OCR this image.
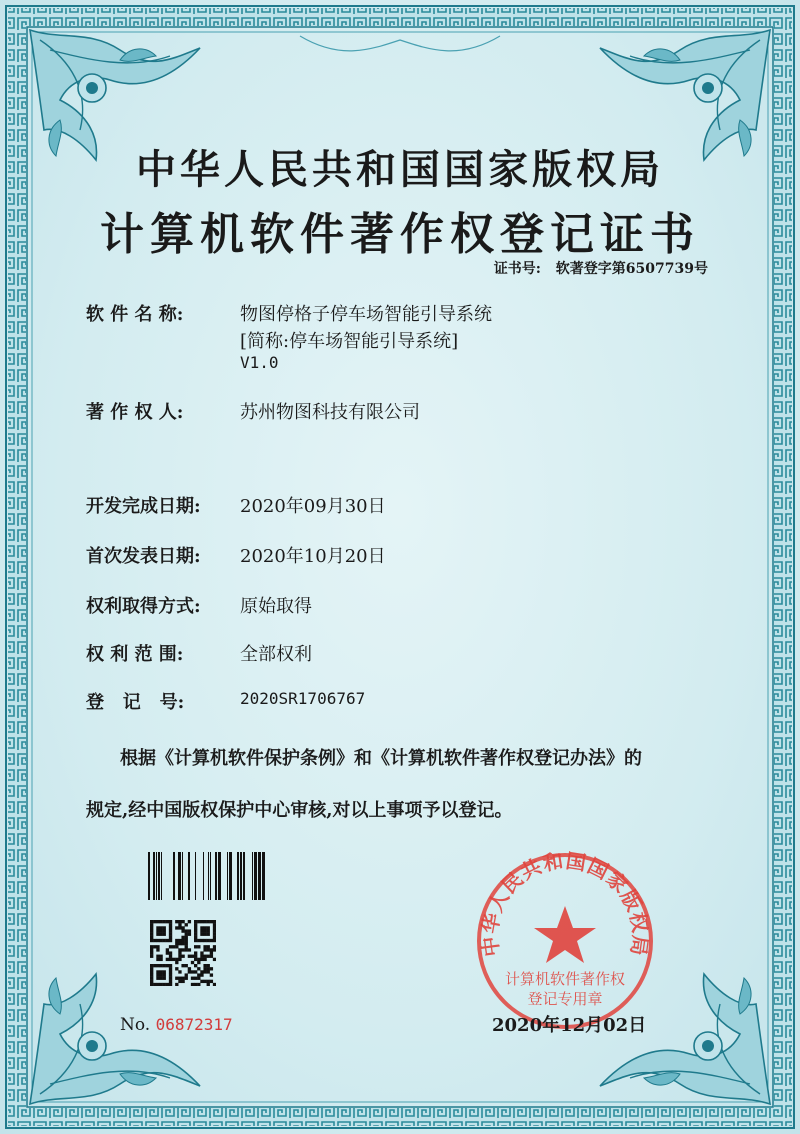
中华人民共和国国家版权局
计算机软件著作权登记证书
证书号: 软著登字第6507739号
软 件 名 称:	物图停格子停车场智能引导系统
[简称:停车场智能引导系统]
V1.0
著 作 权 人:	苏州物图科技有限公司
开发完成日期: 2020年09月30日
首次发表日期: 2020年10月20日
权利取得方式: 原始取得
权 利 范 围:	全部权利
登   记   号:	2020SR1706767
根据《计算机软件保护条例》和《计算机软件著作权登记办法》的
规定,经中国版权保护中心审核,对以上事项予以登记。
No. 06872317
中华人民共和国国家版权局
计算机软件著作权
登记专用章
2020年12月02日
